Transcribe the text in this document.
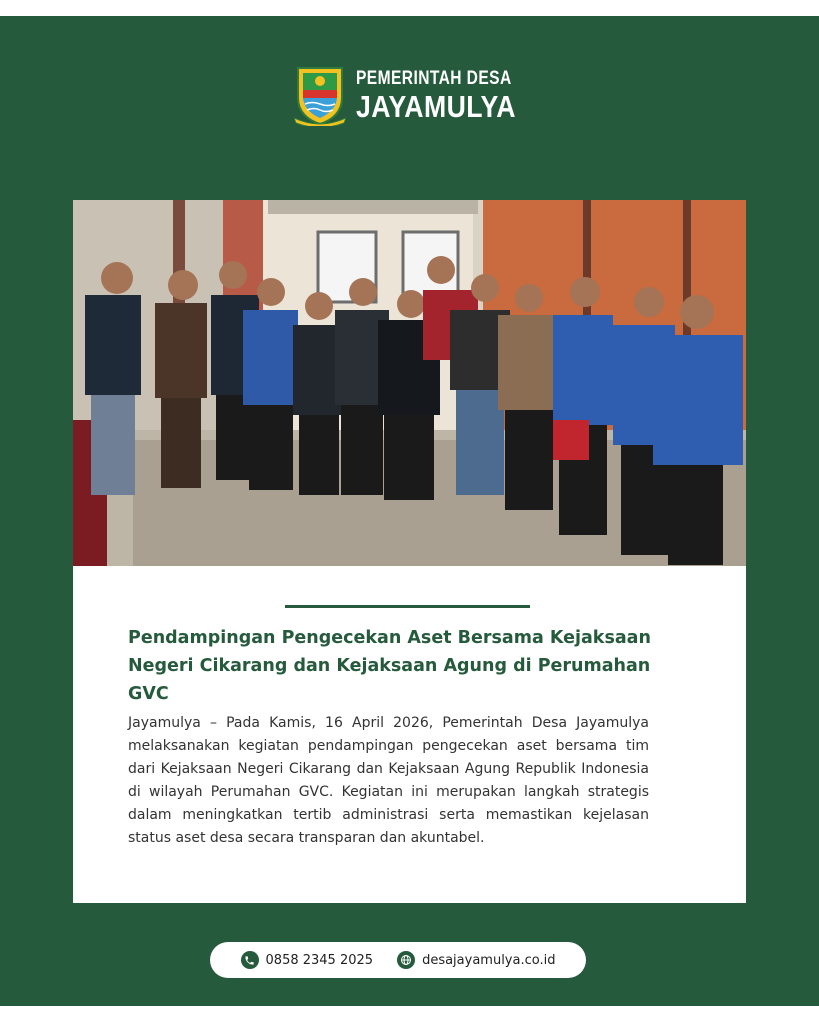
PEMERINTAH DESA
JAYAMULYA
Pendampingan Pengecekan Aset Bersama Kejaksaan Negeri Cikarang dan Kejaksaan Agung di Perumahan GVC
Jayamulya – Pada Kamis, 16 April 2026, Pemerintah Desa Jayamulya melaksanakan kegiatan pendampingan pengecekan aset bersama tim dari Kejaksaan Negeri Cikarang dan Kejaksaan Agung Republik Indonesia di wilayah Perumahan GVC. Kegiatan ini merupakan langkah strategis dalam meningkatkan tertib administrasi serta memastikan kejelasan status aset desa secara transparan dan akuntabel.
0858 2345 2025	desajayamulya.co.id
